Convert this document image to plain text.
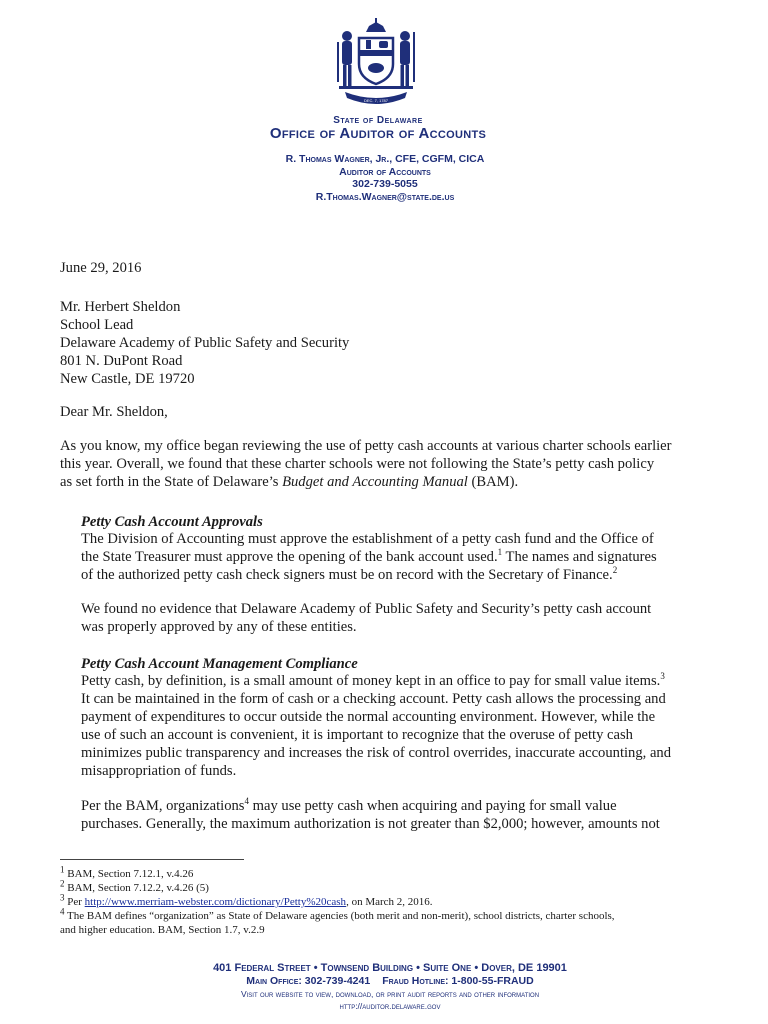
DEC. 7, 1787
State of Delaware
Office of Auditor of Accounts
R. Thomas Wagner, Jr., CFE, CGFM, CICA
Auditor of Accounts
302-739-5055
R.Thomas.Wagner@state.de.us
June 29, 2016
Mr. Herbert Sheldon
School Lead
Delaware Academy of Public Safety and Security
801 N. DuPont Road
New Castle, DE 19720
Dear Mr. Sheldon,
As you know, my office began reviewing the use of petty cash accounts at various charter schools earlier
this year. Overall, we found that these charter schools were not following the State’s petty cash policy
as set forth in the State of Delaware’s Budget and Accounting Manual (BAM).
Petty Cash Account Approvals
The Division of Accounting must approve the establishment of a petty cash fund and the Office of
the State Treasurer must approve the opening of the bank account used.$^1$ The names and signatures
of the authorized petty cash check signers must be on record with the Secretary of Finance.$^2$
We found no evidence that Delaware Academy of Public Safety and Security’s petty cash account
was properly approved by any of these entities.
Petty Cash Account Management Compliance
Petty cash, by definition, is a small amount of money kept in an office to pay for small value items.$^3$
It can be maintained in the form of cash or a checking account. Petty cash allows the processing and
payment of expenditures to occur outside the normal accounting environment. However, while the
use of such an account is convenient, it is important to recognize that the overuse of petty cash
minimizes public transparency and increases the risk of control overrides, inaccurate accounting, and
misappropriation of funds.
Per the BAM, organizations$^4$ may use petty cash when acquiring and paying for small value
purchases. Generally, the maximum authorization is not greater than $2,000; however, amounts not
$^1$ BAM, Section 7.12.1, v.4.26
$^2$ BAM, Section 7.12.2, v.4.26 (5)
$^3$ Per http://www.merriam-webster.com/dictionary/Petty%20cash, on March 2, 2016.
$^4$ The BAM defines “organization” as State of Delaware agencies (both merit and non-merit), school districts, charter schools,
and higher education. BAM, Section 1.7, v.2.9
401 Federal Street • Townsend Building • Suite One • Dover, DE 19901
Main Office: 302-739-4241 Fraud Hotline: 1-800-55-FRAUD
Visit our website to view, download, or print audit reports and other information
http://auditor.delaware.gov
